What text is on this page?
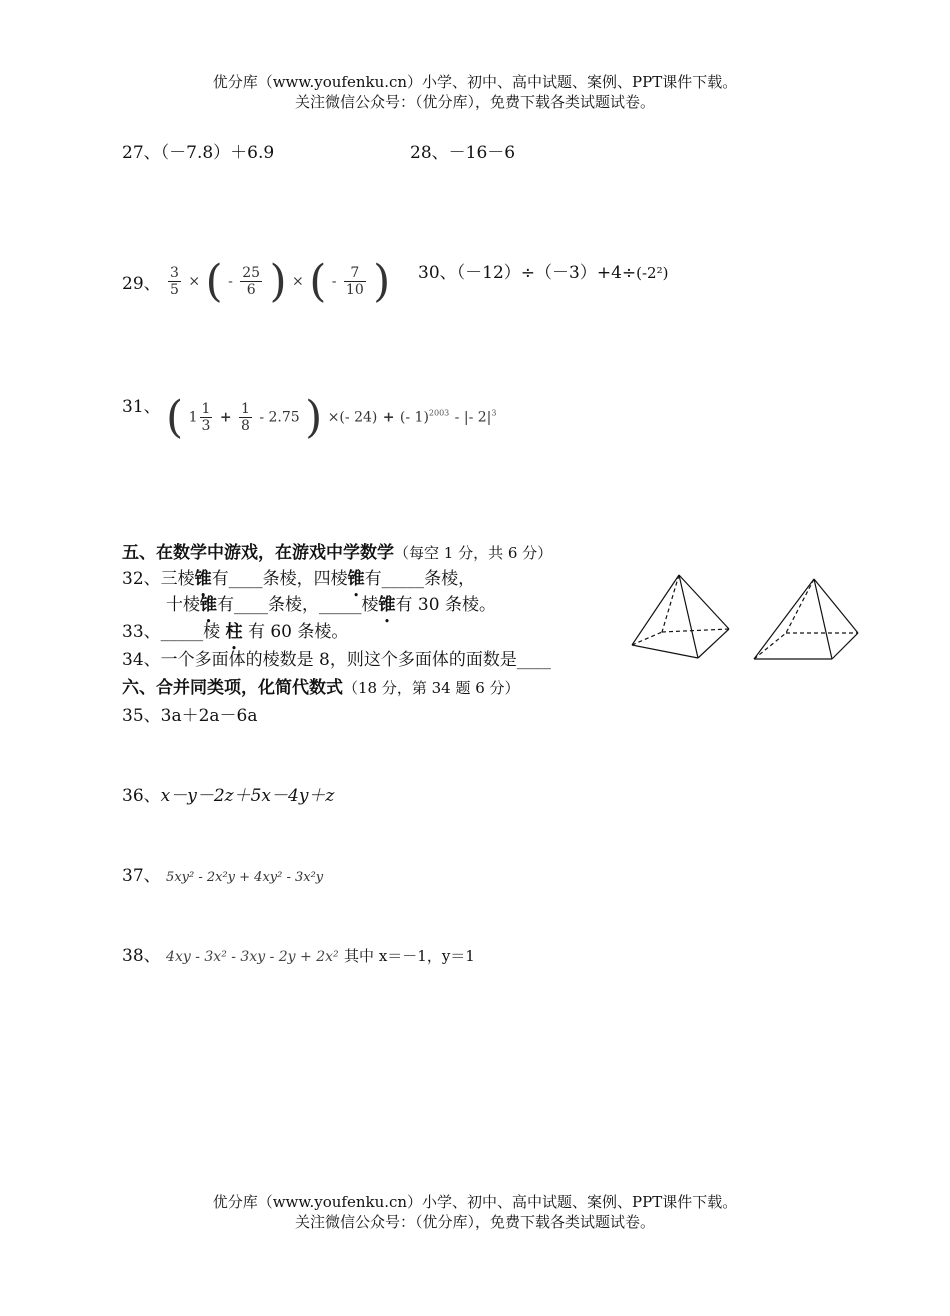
优分库（www.youfenku.cn）小学、初中、高中试题、案例、PPT课件下载。
关注微信公众号：（优分库），免费下载各类试题试卷。
27、（－7.8）＋6.9	28、－16－6
29、 $\frac{3}{5}$ × ( - $\frac{25}{6}$ ) × ( - $\frac{7}{10}$ ) 30、（－12）÷（－3）+4÷(-2²)
31、 ( $1 \frac{1}{3} + \frac{1}{8} - 2.75$ ) ×(- 24) + (- 1)$^{2003}$ - |- $2|^3$
五、在数学中游戏，在游戏中学数学（每空 1 分，共 6 分）
32、三棱锥有____条棱，四棱锥有_____条棱，
十棱锥有____条棱，_____棱锥有 30 条棱。
33、_____棱 柱 有 60 条棱。
34、一个多面体的棱数是 8，则这个多面体的面数是____
六、合并同类项，化简代数式（18 分，第 34 题 6 分）
35、3a＋2a－6a
36、x－y－2z＋5x－4y＋z
37、 5xy² - 2x²y + 4xy² - 3x²y
38、 4xy - 3x² - 3xy - 2y + 2x² 其中 x＝－1，y＝1
优分库（www.youfenku.cn）小学、初中、高中试题、案例、PPT课件下载。
关注微信公众号：（优分库），免费下载各类试题试卷。
